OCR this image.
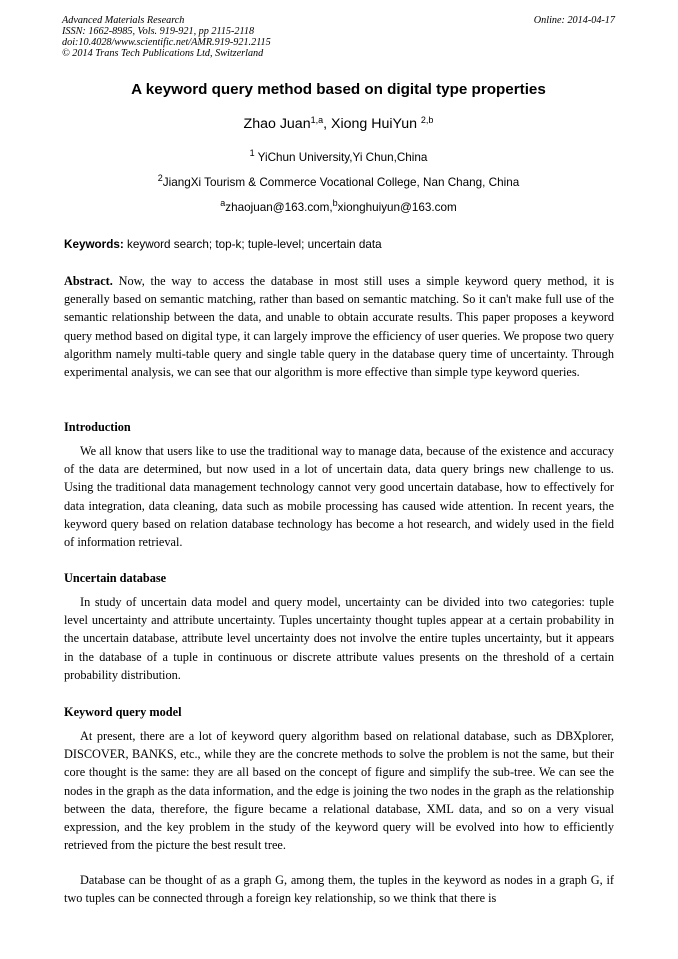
Advanced Materials Research
ISSN: 1662-8985, Vols. 919-921, pp 2115-2118
doi:10.4028/www.scientific.net/AMR.919-921.2115
© 2014 Trans Tech Publications Ltd, Switzerland
Online: 2014-04-17
A keyword query method based on digital type properties
Zhao Juan$^{1,a}$, Xiong HuiYun $^{2,b}$
$^1$ YiChun University,Yi Chun,China
$^2$JiangXi Tourism & Commerce Vocational College, Nan Chang, China
$^a$zhaojuan@163.com,$^b$xionghuiyun@163.com
Keywords: keyword search; top-k; tuple-level; uncertain data
Abstract. Now, the way to access the database in most still uses a simple keyword query method, it is generally based on semantic matching, rather than based on semantic matching. So it can't make full use of the semantic relationship between the data, and unable to obtain accurate results. This paper proposes a keyword query method based on digital type, it can largely improve the efficiency of user queries. We propose two query algorithm namely multi-table query and single table query in the database query time of uncertainty. Through experimental analysis, we can see that our algorithm is more effective than simple type keyword queries.
Introduction
We all know that users like to use the traditional way to manage data, because of the existence and accuracy of the data are determined, but now used in a lot of uncertain data, data query brings new challenge to us. Using the traditional data management technology cannot very good uncertain database, how to effectively for data integration, data cleaning, data such as mobile processing has caused wide attention. In recent years, the keyword query based on relation database technology has become a hot research, and widely used in the field of information retrieval.
Uncertain database
In study of uncertain data model and query model, uncertainty can be divided into two categories: tuple level uncertainty and attribute uncertainty. Tuples uncertainty thought tuples appear at a certain probability in the uncertain database, attribute level uncertainty does not involve the entire tuples uncertainty, but it appears in the database of a tuple in continuous or discrete attribute values presents on the threshold of a certain probability distribution.
Keyword query model
At present, there are a lot of keyword query algorithm based on relational database, such as DBXplorer, DISCOVER, BANKS, etc., while they are the concrete methods to solve the problem is not the same, but their core thought is the same: they are all based on the concept of figure and simplify the sub-tree. We can see the nodes in the graph as the data information, and the edge is joining the two nodes in the graph as the relationship between the data, therefore, the figure became a relational database, XML data, and so on a very visual expression, and the key problem in the study of the keyword query will be evolved into how to efficiently retrieved from the picture the best result tree.
Database can be thought of as a graph G, among them, the tuples in the keyword as nodes in a graph G, if two tuples can be connected through a foreign key relationship, so we think that there is
